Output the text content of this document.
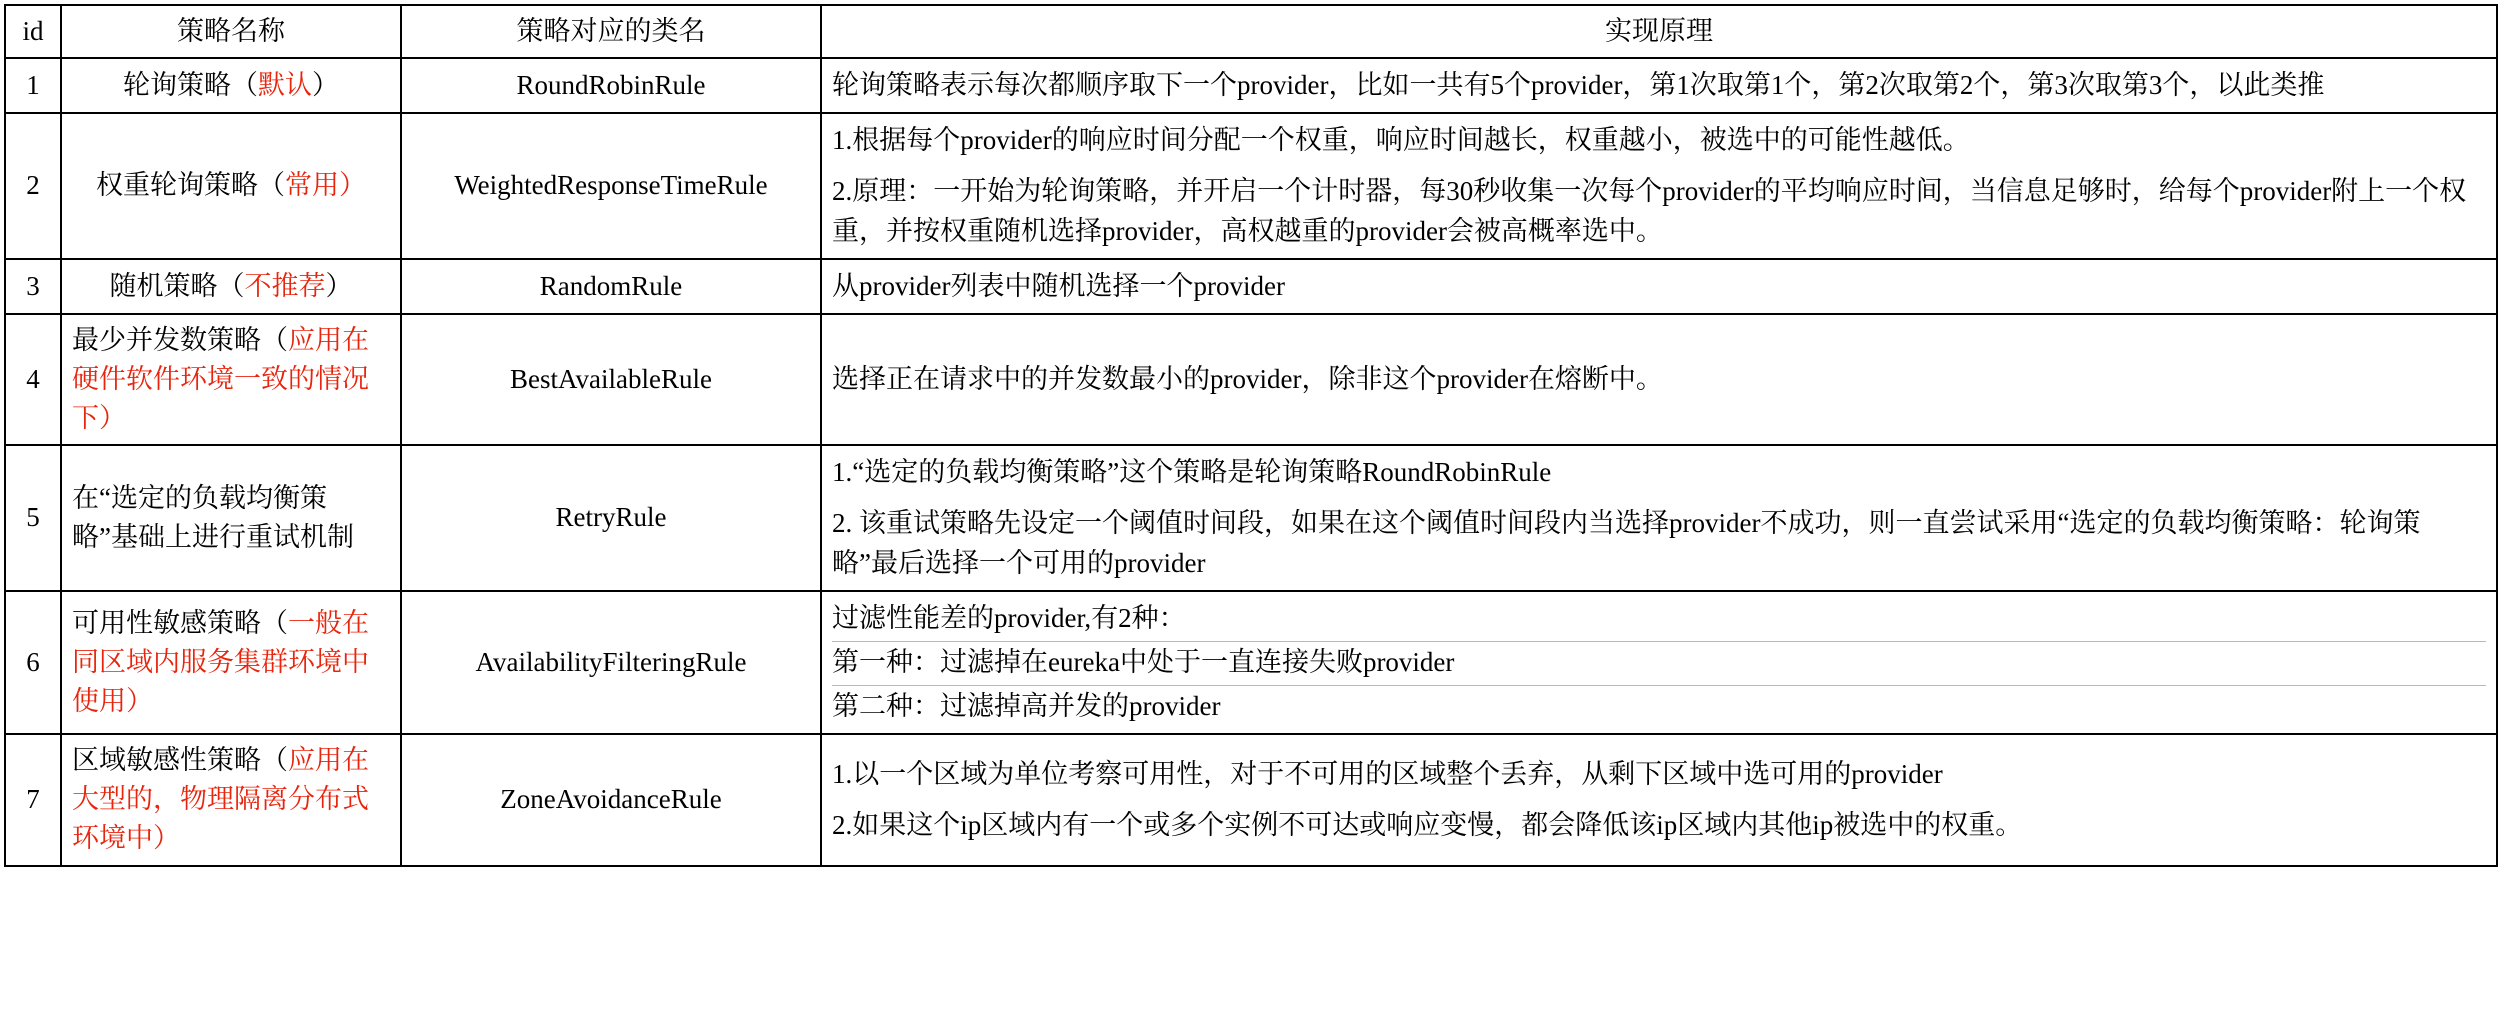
id	策略名称	策略对应的类名	实现原理
1	轮询策略（默认）	RoundRobinRule	轮询策略表示每次都顺序取下一个provider，比如一共有5个provider，第1次取第1个，第2次取第2个，第3次取第3个，以此类推

2	权重轮询策略（常用）	WeightedResponseTimeRule	1.根据每个provider的响应时间分配一个权重，响应时间越长，权重越小，被选中的可能性越低。
2.原理：一开始为轮询策略，并开启一个计时器，每30秒收集一次每个provider的平均响应时间，当信息足够时，给每个provider附上一个权重，并按权重随机选择provider，高权越重的provider会被高概率选中。

3	随机策略（不推荐）	RandomRule	从provider列表中随机选择一个provider

4	最少并发数策略（应用在硬件软件环境一致的情况下）	BestAvailableRule	选择正在请求中的并发数最小的provider，除非这个provider在熔断中。

5	在“选定的负载均衡策略”基础上进行重试机制	RetryRule	1.“选定的负载均衡策略”这个策略是轮询策略RoundRobinRule
2. 该重试策略先设定一个阈值时间段，如果在这个阈值时间段内当选择provider不成功，则一直尝试采用“选定的负载均衡策略：轮询策略”最后选择一个可用的provider

6	可用性敏感策略（一般在同区域内服务集群环境中使用）	AvailabilityFilteringRule	过滤性能差的provider,有2种：
第一种：过滤掉在eureka中处于一直连接失败provider
第二种：过滤掉高并发的provider

7	区域敏感性策略（应用在大型的，物理隔离分布式环境中）	ZoneAvoidanceRule	1.以一个区域为单位考察可用性，对于不可用的区域整个丢弃，从剩下区域中选可用的provider
2.如果这个ip区域内有一个或多个实例不可达或响应变慢，都会降低该ip区域内其他ip被选中的权重。
